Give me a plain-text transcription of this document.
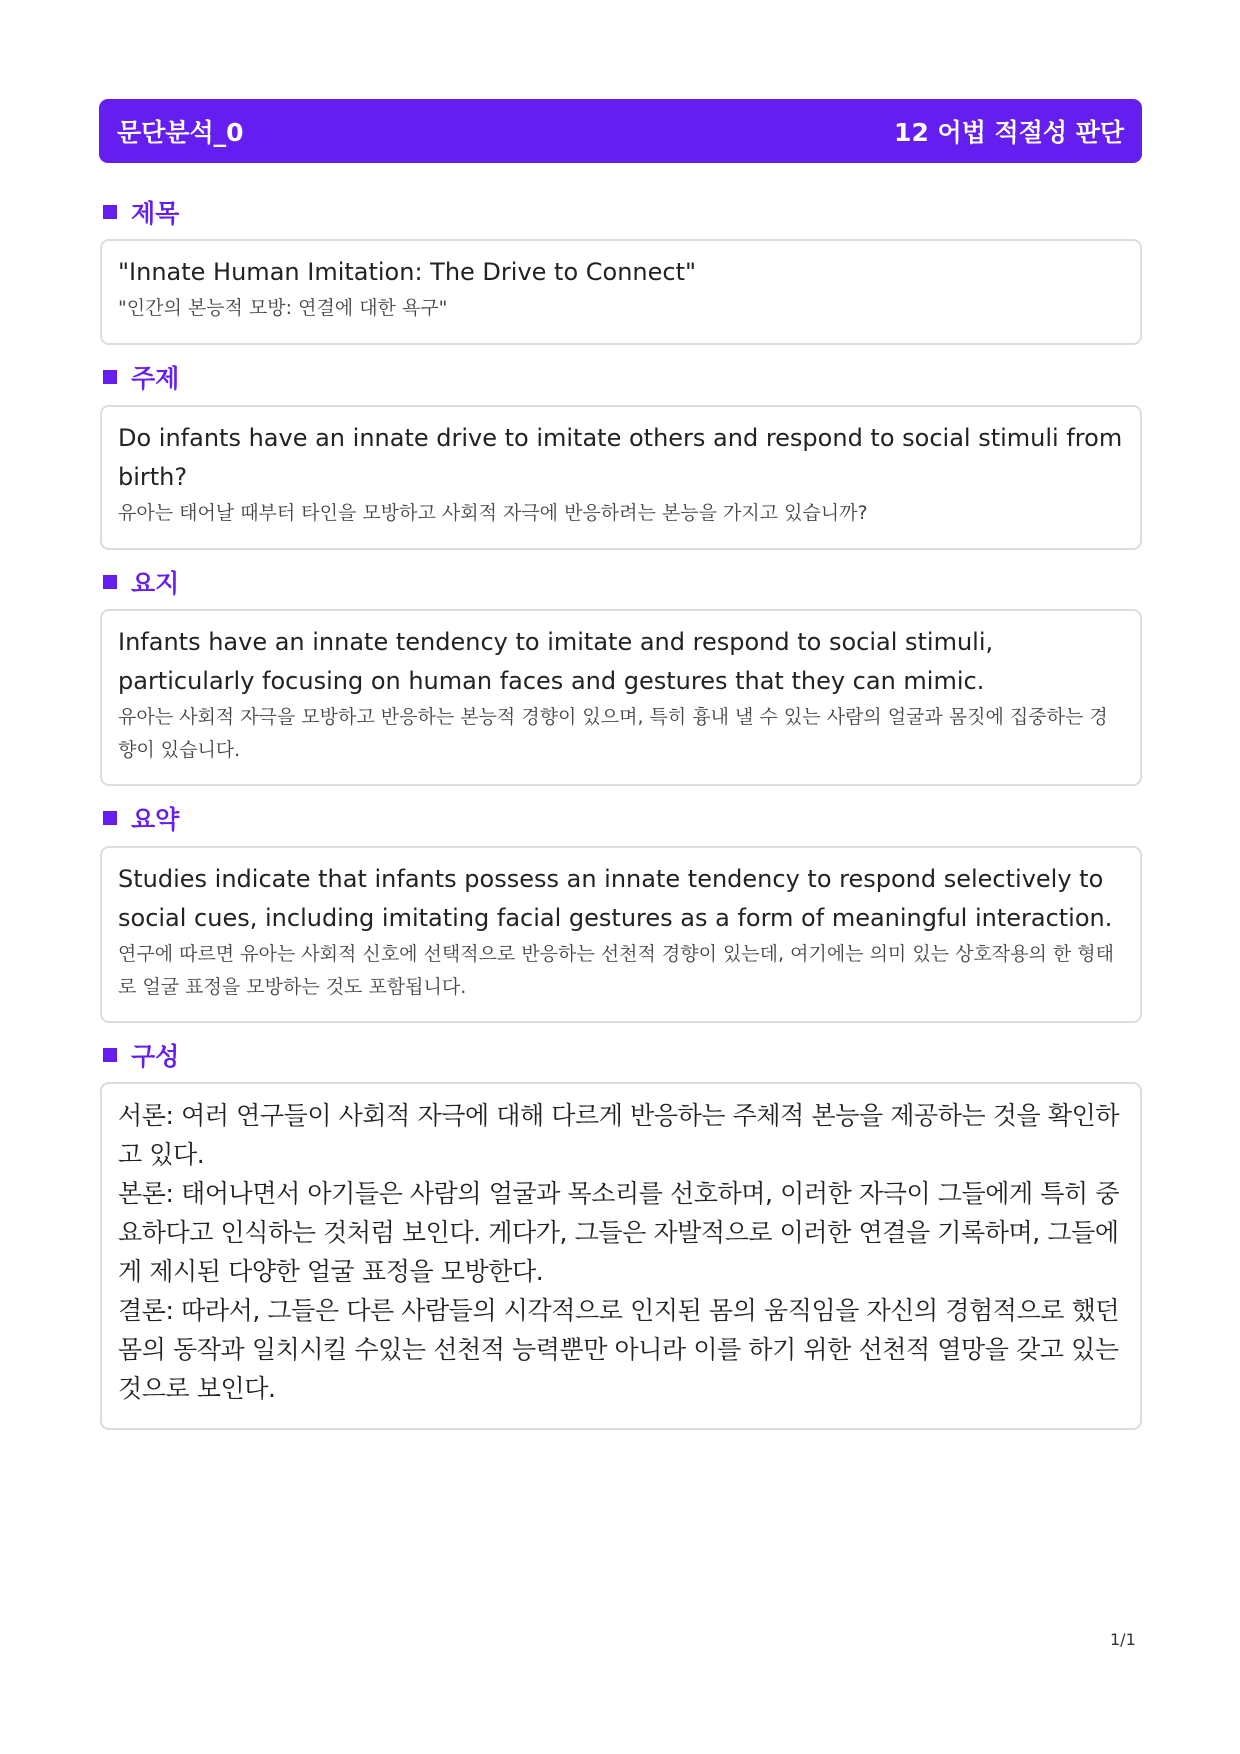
문단분석_0	12 어법 적절성 판단
제목
"Innate Human Imitation: The Drive to Connect"
"인간의 본능적 모방: 연결에 대한 욕구"
주제
Do infants have an innate drive to imitate others and respond to social stimuli from birth?
유아는 태어날 때부터 타인을 모방하고 사회적 자극에 반응하려는 본능을 가지고 있습니까?
요지
Infants have an innate tendency to imitate and respond to social stimuli, particularly focusing on human faces and gestures that they can mimic.
유아는 사회적 자극을 모방하고 반응하는 본능적 경향이 있으며, 특히 흉내 낼 수 있는 사람의 얼굴과 몸짓에 집중하는 경향이 있습니다.
요약
Studies indicate that infants possess an innate tendency to respond selectively to social cues, including imitating facial gestures as a form of meaningful interaction.
연구에 따르면 유아는 사회적 신호에 선택적으로 반응하는 선천적 경향이 있는데, 여기에는 의미 있는 상호작용의 한 형태로 얼굴 표정을 모방하는 것도 포함됩니다.
구성
서론: 여러 연구들이 사회적 자극에 대해 다르게 반응하는 주체적 본능을 제공하는 것을 확인하고 있다.
본론: 태어나면서 아기들은 사람의 얼굴과 목소리를 선호하며, 이러한 자극이 그들에게 특히 중요하다고 인식하는 것처럼 보인다. 게다가, 그들은 자발적으로 이러한 연결을 기록하며, 그들에게 제시된 다양한 얼굴 표정을 모방한다.
결론: 따라서, 그들은 다른 사람들의 시각적으로 인지된 몸의 움직임을 자신의 경험적으로 했던 몸의 동작과 일치시킬 수있는 선천적 능력뿐만 아니라 이를 하기 위한 선천적 열망을 갖고 있는 것으로 보인다.
1/1
